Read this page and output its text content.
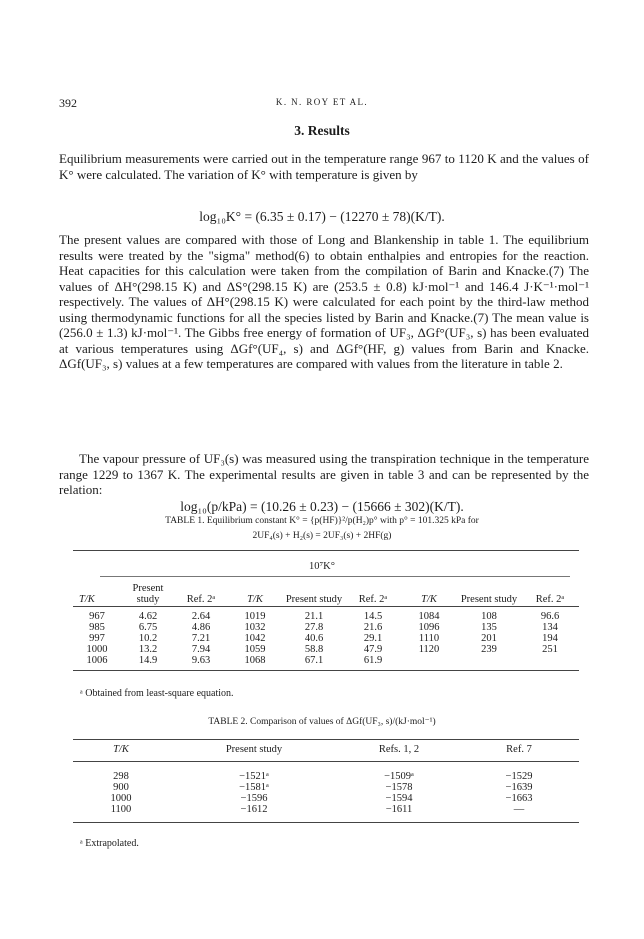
392	K. N. ROY ET AL.
3. Results
Equilibrium measurements were carried out in the temperature range 967 to 1120 K and the values of K° were calculated. The variation of K° with temperature is given by
log₁₀K° = (6.35 ± 0.17) − (12270 ± 78)(K/T).
The present values are compared with those of Long and Blankenship in table 1. The equilibrium results were treated by the "sigma" method(6) to obtain enthalpies and entropies for the reaction. Heat capacities for this calculation were taken from the compilation of Barin and Knacke.(7) The values of ΔH°(298.15 K) and ΔS°(298.15 K) are (253.5 ± 0.8) kJ·mol⁻¹ and 146.4 J·K⁻¹·mol⁻¹ respectively. The values of ΔH°(298.15 K) were calculated for each point by the third-law method using thermodynamic functions for all the species listed by Barin and Knacke.(7) The mean value is (256.0 ± 1.3) kJ·mol⁻¹. The Gibbs free energy of formation of UF₃, ΔGf°(UF₃, s) has been evaluated at various temperatures using ΔGf°(UF₄, s) and ΔGf°(HF, g) values from Barin and Knacke. ΔGf(UF₃, s) values at a few temperatures are compared with values from the literature in table 2.
The vapour pressure of UF₃(s) was measured using the transpiration technique in the temperature range 1229 to 1367 K. The experimental results are given in table 3 and can be represented by the relation:
log₁₀(p/kPa) = (10.26 ± 0.23) − (15666 ± 302)(K/T).
TABLE 1. Equilibrium constant K° = {p(HF)}²/p(H₂)p° with p° = 101.325 kPa for
2UF₄(s) + H₂(s) = 2UF₃(s) + 2HF(g)
10⁷K°
T/K	Present study	Ref. 2ᵃ	T/K	Present study	Ref. 2ᵃ	T/K	Present study	Ref. 2ᵃ
967	4.62	2.64	1019	21.1	14.5	1084	108	96.6
985	6.75	4.86	1032	27.8	21.6	1096	135	134
997	10.2	7.21	1042	40.6	29.1	1110	201	194
1000	13.2	7.94	1059	58.8	47.9	1120	239	251
1006	14.9	9.63	1068	67.1	61.9			
ᵃ Obtained from least-square equation.
TABLE 2. Comparison of values of ΔGf(UF₃, s)/(kJ·mol⁻¹)
T/K	Present study	Refs. 1, 2	Ref. 7
298	−1521ᵃ	−1509ᵃ	−1529
900	−1581ᵃ	−1578	−1639
1000	−1596	−1594	−1663
1100	−1612	−1611	—
ᵃ Extrapolated.
